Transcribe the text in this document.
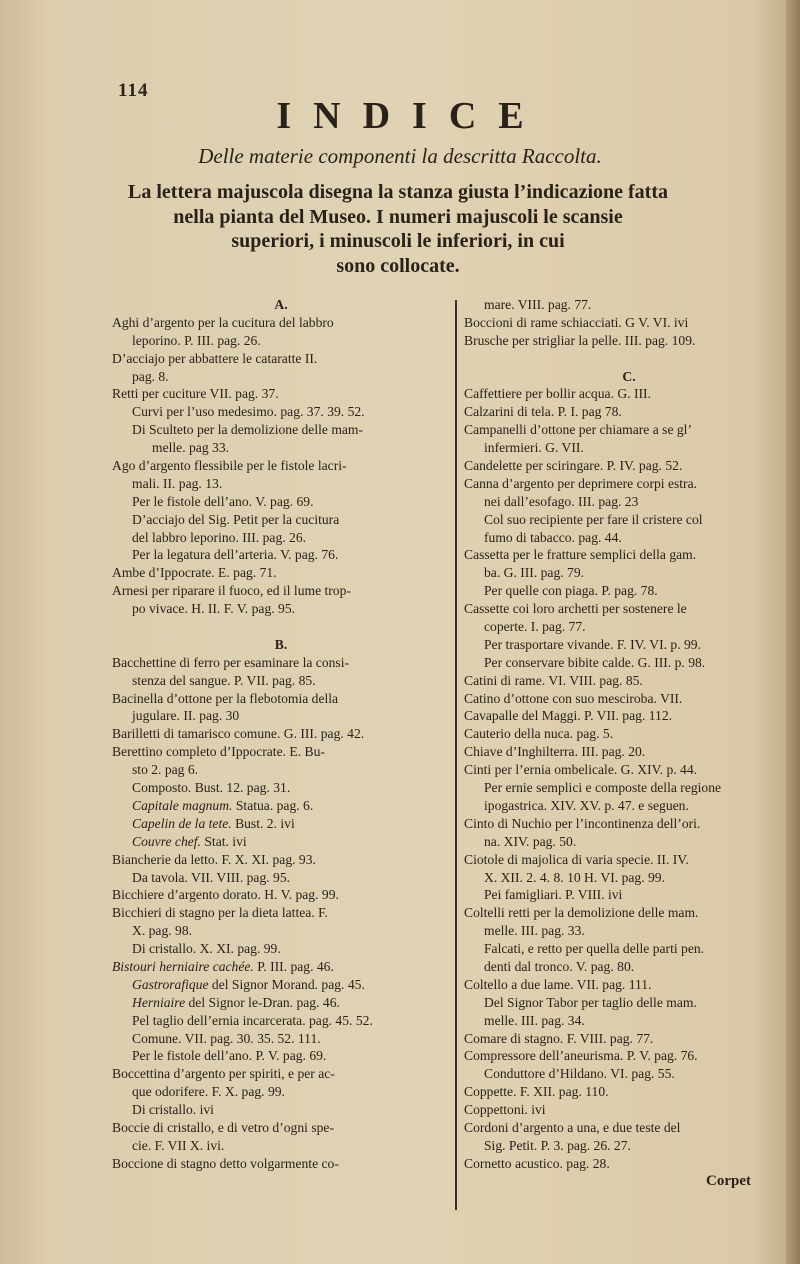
114
INDICE
Delle materie componenti la descritta Raccolta.
La lettera majuscola disegna la stanza giusta l’indicazione fatta
nella pianta del Museo. I numeri majuscoli le scansie
superiori, i minuscoli le inferiori, in cui
sono collocate.
A.
Aghi d’argento per la cucitura del labbro
leporino. P. III. pag. 26.
D’acciajo per abbattere le cataratte II.
pag. 8.
Retti per cuciture VII. pag. 37.
Curvi per l’uso medesimo. pag. 37. 39. 52.
Di Sculteto per la demolizione delle mam-
melle. pag 33.
Ago d’argento flessibile per le fistole lacri-
mali. II. pag. 13.
Per le fistole dell’ano. V. pag. 69.
D’acciajo del Sig. Petit per la cucitura
del labbro leporino. III. pag. 26.
Per la legatura dell’arteria. V. pag. 76.
Ambe d’Ippocrate. E. pag. 71.
Arnesi per riparare il fuoco, ed il lume trop-
po vivace. H. II. F. V. pag. 95.
B.
Bacchettine di ferro per esaminare la consi-
stenza del sangue. P. VII. pag. 85.
Bacinella d’ottone per la flebotomia della
jugulare. II. pag. 30
Barilletti di tamarisco comune. G. III. pag. 42.
Berettino completo d’Ippocrate. E. Bu-
sto 2. pag 6.
Composto. Bust. 12. pag. 31.
Capitale magnum. Statua. pag. 6.
Capelin de la tete. Bust. 2. ivi
Couvre chef. Stat. ivi
Biancherie da letto. F. X. XI. pag. 93.
Da tavola. VII. VIII. pag. 95.
Bicchiere d’argento dorato. H. V. pag. 99.
Bicchieri di stagno per la dieta lattea. F.
X. pag. 98.
Di cristallo. X. XI. pag. 99.
Bistouri herniaire cachée. P. III. pag. 46.
Gastrorafique del Signor Morand. pag. 45.
Herniaire del Signor le-Dran. pag. 46.
Pel taglio dell’ernia incarcerata. pag. 45. 52.
Comune. VII. pag. 30. 35. 52. 111.
Per le fistole dell’ano. P. V. pag. 69.
Boccettina d’argento per spiriti, e per ac-
que odorifere. F. X. pag. 99.
Di cristallo. ivi
Boccie di cristallo, e di vetro d’ogni spe-
cie. F. VII X. ivi.
Boccione di stagno detto volgarmente co-
mare. VIII. pag. 77.
Boccioni di rame schiacciati. G V. VI. ivi
Brusche per strigliar la pelle. III. pag. 109.
C.
Caffettiere per bollir acqua. G. III.
Calzarini di tela. P. I. pag 78.
Campanelli d’ottone per chiamare a se gl’
infermieri. G. VII.
Candelette per sciringare. P. IV. pag. 52.
Canna d’argento per deprimere corpi estra.
nei dall’esofago. III. pag. 23
Col suo recipiente per fare il cristere col
fumo di tabacco. pag. 44.
Cassetta per le fratture semplici della gam.
ba. G. III. pag. 79.
Per quelle con piaga. P. pag. 78.
Cassette coi loro archetti per sostenere le
coperte. I. pag. 77.
Per trasportare vivande. F. IV. VI. p. 99.
Per conservare bibite calde. G. III. p. 98.
Catini di rame. VI. VIII. pag. 85.
Catino d’ottone con suo mesciroba. VII.
Cavapalle del Maggi. P. VII. pag. 112.
Cauterio della nuca. pag. 5.
Chiave d’Inghilterra. III. pag. 20.
Cinti per l’ernia ombelicale. G. XIV. p. 44.
Per ernie semplici e composte della regione
ipogastrica. XIV. XV. p. 47. e seguen.
Cinto di Nuchio per l’incontinenza dell’ori.
na. XIV. pag. 50.
Ciotole di majolica di varia specie. II. IV.
X. XII. 2. 4. 8. 10 H. VI. pag. 99.
Pei famigliari. P. VIII. ivi
Coltelli retti per la demolizione delle mam.
melle. III. pag. 33.
Falcati, e retto per quella delle parti pen.
denti dal tronco. V. pag. 80.
Coltello a due lame. VII. pag. 111.
Del Signor Tabor per taglio delle mam.
melle. III. pag. 34.
Comare di stagno. F. VIII. pag. 77.
Compressore dell’aneurisma. P. V. pag. 76.
Conduttore d’Hildano. VI. pag. 55.
Coppette. F. XII. pag. 110.
Coppettoni. ivi
Cordoni d’argento a una, e due teste del
Sig. Petit. P. 3. pag. 26. 27.
Cornetto acustico. pag. 28.
Corpet
